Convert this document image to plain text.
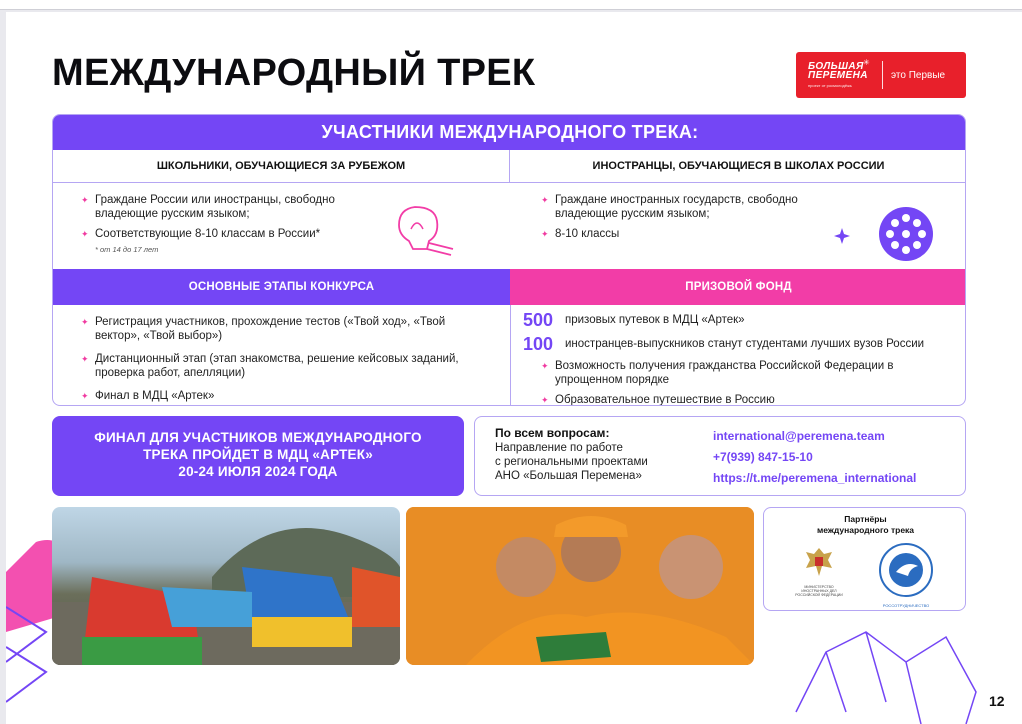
МЕЖДУНАРОДНЫЙ ТРЕК	БОЛЬШАЯ
ПЕРЕМЕНА
проект от росмолодёжь
✳
это Первые
УЧАСТНИКИ МЕЖДУНАРОДНОГО ТРЕКА:
ШКОЛЬНИКИ, ОБУЧАЮЩИЕСЯ ЗА РУБЕЖОМ	ИНОСТРАНЦЫ, ОБУЧАЮЩИЕСЯ В ШКОЛАХ РОССИИ
✦ Граждане России или иностранцы, свободно владеющие русским языком;
✦ Соответствующие 8-10 классам в России*
* от 14 до 17 лет
✦ Граждане иностранных государств, свободно владеющие русским языком;
✦ 8-10 классы
ОСНОВНЫЕ ЭТАПЫ КОНКУРСА	ПРИЗОВОЙ ФОНД
✦ Регистрация участников, прохождение тестов («Твой ход», «Твой вектор», «Твой выбор»)
✦ Дистанционный этап (этап знакомства, решение кейсовых заданий, проверка работ, апелляции)
✦ Финал в МДЦ «Артек»
500	призовых путевок в МДЦ «Артек»
100	иностранцев-выпускников станут студентами лучших вузов России
✦ Возможность получения гражданства Российской Федерации в упрощенном порядке
✦ Образовательное путешествие в Россию
ФИНАЛ ДЛЯ УЧАСТНИКОВ МЕЖДУНАРОДНОГО
ТРЕКА ПРОЙДЕТ В МДЦ «АРТЕК»
20-24 ИЮЛЯ 2024 ГОДА
По всем вопросам:
Направление по работе
с региональными проектами
АНО «Большая Перемена»
international@peremena.team
+7(939) 847-15-10
https://t.me/peremena_international
Партнёры
международного трека
МИНИСТЕРСТВО ИНОСТРАННЫХ ДЕЛ РОССИЙСКОЙ ФЕДЕРАЦИИ
РОССОТРУДНИЧЕСТВО
12
